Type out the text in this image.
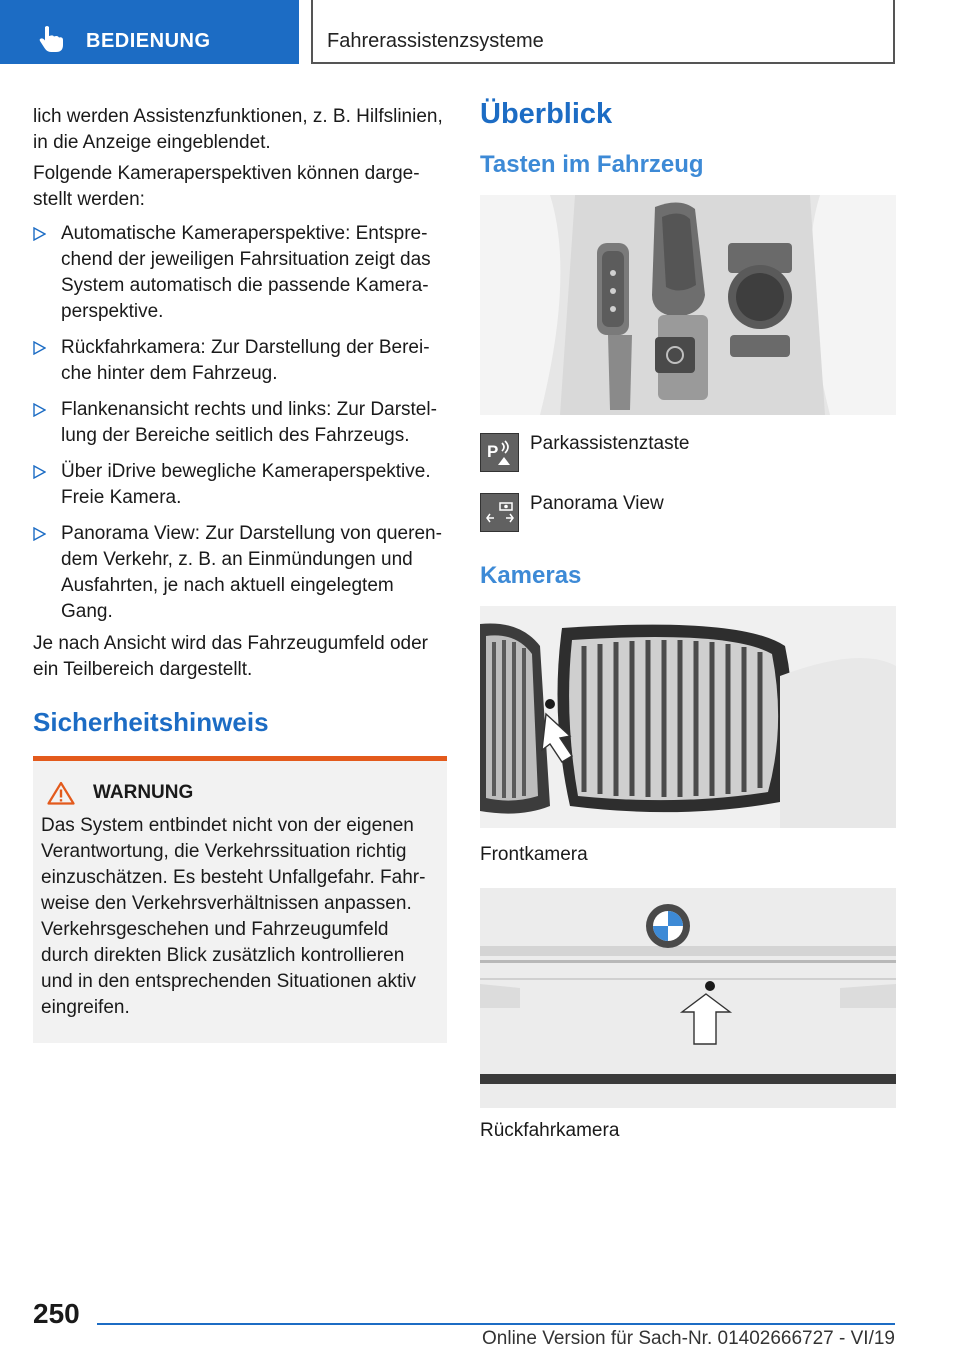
BEDIENUNG	Fahrerassistenzsysteme

lich werden Assistenzfunktionen, z. B. Hilfslinien, in die Anzeige eingeblendet.

Folgende Kameraperspektiven können dargestellt werden:

Automatische Kameraperspektive: Entsprechend der jeweiligen Fahrsituation zeigt das System automatisch die passende Kameraperspektive.
Rückfahrkamera: Zur Darstellung der Bereiche hinter dem Fahrzeug.
Flankenansicht rechts und links: Zur Darstellung der Bereiche seitlich des Fahrzeugs.
Über iDrive bewegliche Kameraperspektive. Freie Kamera.
Panorama View: Zur Darstellung von querendem Verkehr, z. B. an Einmündungen und Ausfahrten, je nach aktuell eingelegtem Gang.

Je nach Ansicht wird das Fahrzeugumfeld oder ein Teilbereich dargestellt.

Sicherheitshinweis
WARNUNG

Das System entbindet nicht von der eigenen Verantwortung, die Verkehrssituation richtig einzuschätzen. Es besteht Unfallgefahr. Fahrweise den Verkehrsverhältnissen anpassen. Verkehrsgeschehen und Fahrzeugumfeld durch direkten Blick zusätzlich kontrollieren und in den entsprechenden Situationen aktiv eingreifen.

Überblick
Tasten im Fahrzeug
P Parkassistenztaste
Panorama View
Kameras

Frontkamera

Rückfahrkamera

250
Online Version für Sach-Nr. 01402666727 - VI/19
